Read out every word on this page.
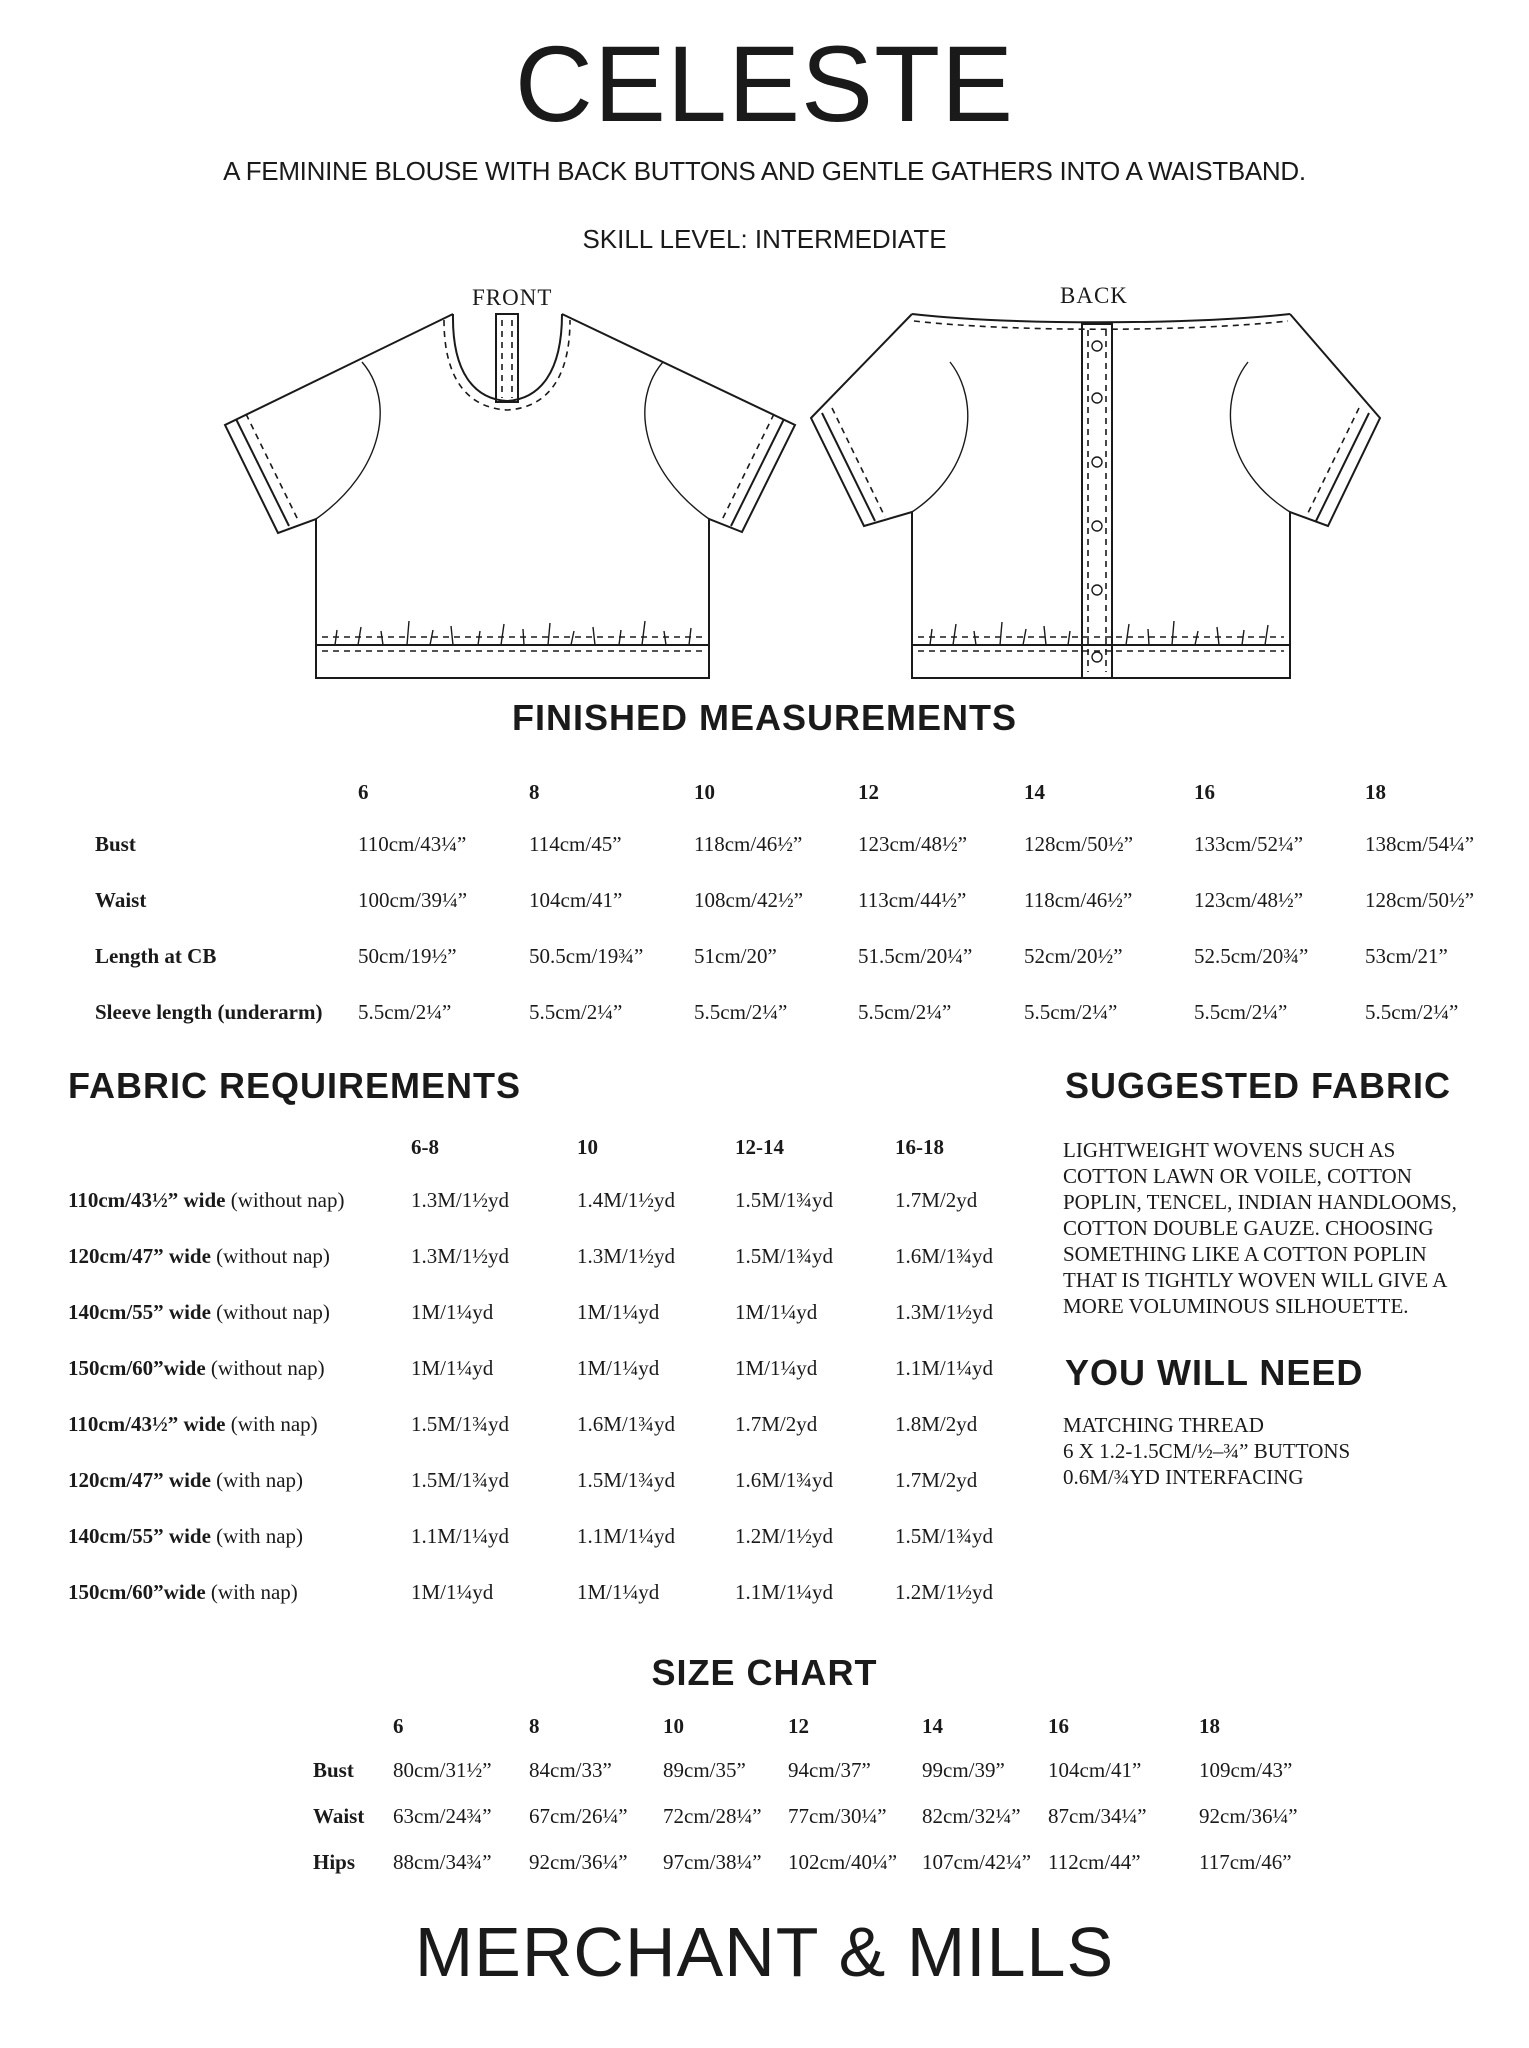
CELESTE
A FEMININE BLOUSE WITH BACK BUTTONS AND GENTLE GATHERS INTO A WAISTBAND.
SKILL LEVEL: INTERMEDIATE
FRONT	BACK
FINISHED MEASUREMENTS
	6	8	10	12	14	16	18
Bust	110cm/43¼”	114cm/45”	118cm/46½”	123cm/48½”	128cm/50½”	133cm/52¼”	138cm/54¼”
Waist	100cm/39¼”	104cm/41”	108cm/42½”	113cm/44½”	118cm/46½”	123cm/48½”	128cm/50½”
Length at CB	50cm/19½”	50.5cm/19¾”	51cm/20”	51.5cm/20¼”	52cm/20½”	52.5cm/20¾”	53cm/21”
Sleeve length (underarm)	5.5cm/2¼”	5.5cm/2¼”	5.5cm/2¼”	5.5cm/2¼”	5.5cm/2¼”	5.5cm/2¼”	5.5cm/2¼”
FABRIC REQUIREMENTS
	6-8	10	12-14	16-18
110cm/43½” wide (without nap)	1.3M/1½yd	1.4M/1½yd	1.5M/1¾yd	1.7M/2yd
120cm/47” wide (without nap)	1.3M/1½yd	1.3M/1½yd	1.5M/1¾yd	1.6M/1¾yd
140cm/55” wide (without nap)	1M/1¼yd	1M/1¼yd	1M/1¼yd	1.3M/1½yd
150cm/60”wide (without nap)	1M/1¼yd	1M/1¼yd	1M/1¼yd	1.1M/1¼yd
110cm/43½” wide (with nap)	1.5M/1¾yd	1.6M/1¾yd	1.7M/2yd	1.8M/2yd
120cm/47” wide (with nap)	1.5M/1¾yd	1.5M/1¾yd	1.6M/1¾yd	1.7M/2yd
140cm/55” wide (with nap)	1.1M/1¼yd	1.1M/1¼yd	1.2M/1½yd	1.5M/1¾yd
150cm/60”wide (with nap)	1M/1¼yd	1M/1¼yd	1.1M/1¼yd	1.2M/1½yd
SUGGESTED FABRIC
LIGHTWEIGHT WOVENS SUCH AS
COTTON LAWN OR VOILE, COTTON
POPLIN, TENCEL, INDIAN HANDLOOMS,
COTTON DOUBLE GAUZE. CHOOSING
SOMETHING LIKE A COTTON POPLIN
THAT IS TIGHTLY WOVEN WILL GIVE A
MORE VOLUMINOUS SILHOUETTE.
YOU WILL NEED
MATCHING THREAD
6 X 1.2-1.5CM/½–¾” BUTTONS
0.6M/¾YD INTERFACING
SIZE CHART
	6	8	10	12	14	16	18
Bust	80cm/31½”	84cm/33”	89cm/35”	94cm/37”	99cm/39”	104cm/41”	109cm/43”
Waist	63cm/24¾”	67cm/26¼”	72cm/28¼”	77cm/30¼”	82cm/32¼”	87cm/34¼”	92cm/36¼”
Hips	88cm/34¾”	92cm/36¼”	97cm/38¼”	102cm/40¼”	107cm/42¼”	112cm/44”	117cm/46”
MERCHANT & MILLS
